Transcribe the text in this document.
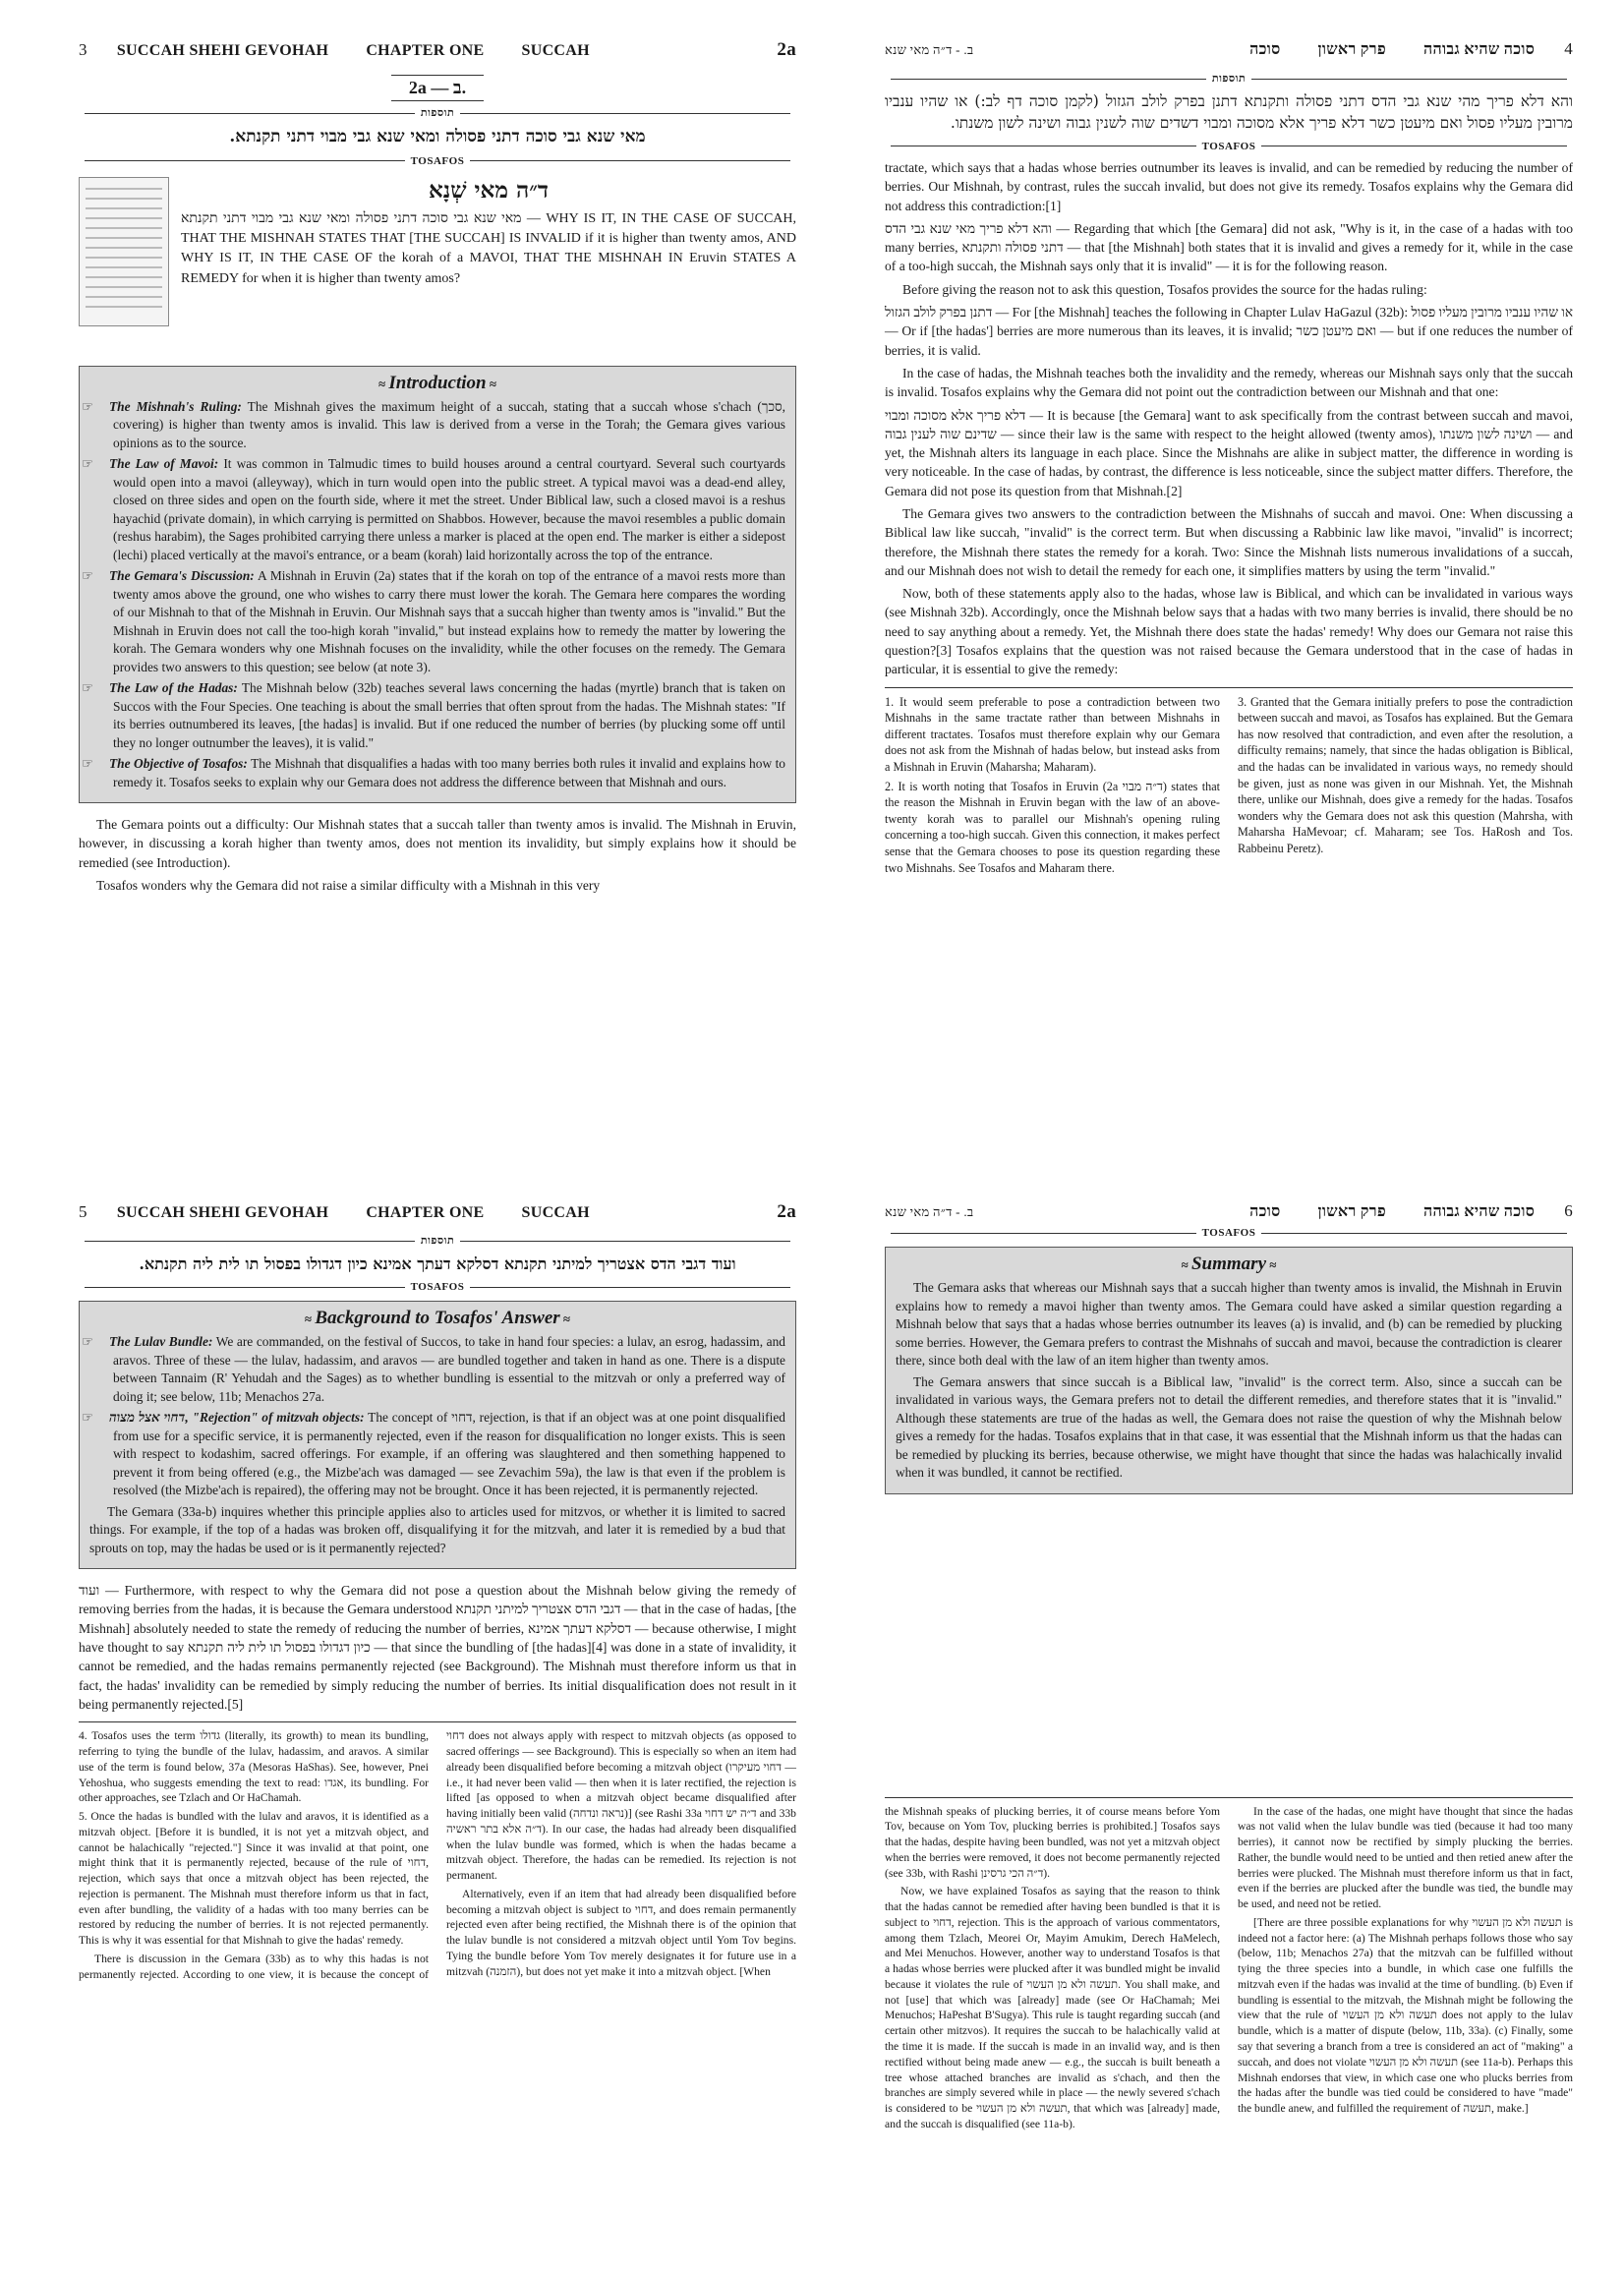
3 SUCCAH SHEHI GEVOHAH CHAPTER ONE SUCCAH	2a
2a — ב.
תוספות
מאי שנא גבי סוכה דתני פסולה ומאי שנא גבי מבוי דתני תקנתא.
TOSAFOS
ד״ה מאי שְׁנָא
מאי שנא גבי סוכה דתני פסולה ומאי שנא גבי מבוי דתני תקנתא — WHY IS IT, IN THE CASE OF SUCCAH, THAT THE MISHNAH STATES THAT [THE SUCCAH] IS INVALID if it is higher than twenty amos, AND WHY IS IT, IN THE CASE OF the korah of a MAVOI, THAT THE MISHNAH IN Eruvin STATES A REMEDY for when it is higher than twenty amos?
≈ Introduction ≈

☞ The Mishnah's Ruling: The Mishnah gives the maximum height of a succah, stating that a succah whose s'chach (סכך, covering) is higher than twenty amos is invalid. This law is derived from a verse in the Torah; the Gemara gives various opinions as to the source.

☞ The Law of Mavoi: It was common in Talmudic times to build houses around a central courtyard. Several such courtyards would open into a mavoi (alleyway), which in turn would open into the public street. A typical mavoi was a dead-end alley, closed on three sides and open on the fourth side, where it met the street. Under Biblical law, such a closed mavoi is a reshus hayachid (private domain), in which carrying is permitted on Shabbos. However, because the mavoi resembles a public domain (reshus harabim), the Sages prohibited carrying there unless a marker is placed at the open end. The marker is either a sidepost (lechi) placed vertically at the mavoi's entrance, or a beam (korah) laid horizontally across the top of the entrance.

☞ The Gemara's Discussion: A Mishnah in Eruvin (2a) states that if the korah on top of the entrance of a mavoi rests more than twenty amos above the ground, one who wishes to carry there must lower the korah. The Gemara here compares the wording of our Mishnah to that of the Mishnah in Eruvin. Our Mishnah says that a succah higher than twenty amos is "invalid." But the Mishnah in Eruvin does not call the too-high korah "invalid," but instead explains how to remedy the matter by lowering the korah. The Gemara wonders why one Mishnah focuses on the invalidity, while the other focuses on the remedy. The Gemara provides two answers to this question; see below (at note 3).

☞ The Law of the Hadas: The Mishnah below (32b) teaches several laws concerning the hadas (myrtle) branch that is taken on Succos with the Four Species. One teaching is about the small berries that often sprout from the hadas. The Mishnah states: "If its berries outnumbered its leaves, [the hadas] is invalid. But if one reduced the number of berries (by plucking some off until they no longer outnumber the leaves), it is valid."

☞ The Objective of Tosafos: The Mishnah that disqualifies a hadas with too many berries both rules it invalid and explains how to remedy it. Tosafos seeks to explain why our Gemara does not address the difference between that Mishnah and ours.

The Gemara points out a difficulty: Our Mishnah states that a succah taller than twenty amos is invalid. The Mishnah in Eruvin, however, in discussing a korah higher than twenty amos, does not mention its invalidity, but simply explains how it should be remedied (see Introduction).

Tosafos wonders why the Gemara did not raise a similar difficulty with a Mishnah in this very

4
סוכה שהיא גבוהה
פרק ראשון
סוכה
ב. - ד״ה מאי שנא
תוספות
והא דלא פריך מהי שנא גבי הדס דתני פסולה ותקנתא דתנן בפרק לולב הגזול (לקמן סוכה דף לב:) או שהיו ענביו מרובין מעליו פסול ואם מיעטן כשר דלא פריך אלא מסוכה ומבוי דשדים שוה לשנין גבוה ושינה לשון משנתו.
TOSAFOS

tractate, which says that a hadas whose berries outnumber its leaves is invalid, and can be remedied by reducing the number of berries. Our Mishnah, by contrast, rules the succah invalid, but does not give its remedy. Tosafos explains why the Gemara did not address this contradiction:[1]

והא דלא פריך מאי שנא גבי הדס — Regarding that which [the Gemara] did not ask, "Why is it, in the case of a hadas with too many berries, דתני פסולה ותקנתא — that [the Mishnah] both states that it is invalid and gives a remedy for it, while in the case of a too-high succah, the Mishnah says only that it is invalid" — it is for the following reason.

Before giving the reason not to ask this question, Tosafos provides the source for the hadas ruling:

דתנן בפרק לולב הגזול — For [the Mishnah] teaches the following in Chapter Lulav HaGazul (32b): או שהיו ענביו מרובין מעליו פסול — Or if [the hadas'] berries are more numerous than its leaves, it is invalid; ואם מיעטן כשר — but if one reduces the number of berries, it is valid.

In the case of hadas, the Mishnah teaches both the invalidity and the remedy, whereas our Mishnah says only that the succah is invalid. Tosafos explains why the Gemara did not point out the contradiction between our Mishnah and that one:

דלא פריך אלא מסוכה ומבוי — It is because [the Gemara] want to ask specifically from the contrast between succah and mavoi, שדינם שוה לענין גבוה — since their law is the same with respect to the height allowed (twenty amos), ושינה לשון משנתו — and yet, the Mishnah alters its language in each place. Since the Mishnahs are alike in subject matter, the difference in wording is very noticeable. In the case of hadas, by contrast, the difference is less noticeable, since the subject matter differs. Therefore, the Gemara did not pose its question from that Mishnah.[2]

The Gemara gives two answers to the contradiction between the Mishnahs of succah and mavoi. One: When discussing a Biblical law like succah, "invalid" is the correct term. But when discussing a Rabbinic law like mavoi, "invalid" is incorrect; therefore, the Mishnah there states the remedy for a korah. Two: Since the Mishnah lists numerous invalidations of a succah, and our Mishnah does not wish to detail the remedy for each one, it simplifies matters by using the term "invalid."

Now, both of these statements apply also to the hadas, whose law is Biblical, and which can be invalidated in various ways (see Mishnah 32b). Accordingly, once the Mishnah below says that a hadas with two many berries is invalid, there should be no need to say anything about a remedy. Yet, the Mishnah there does state the hadas' remedy! Why does our Gemara not raise this question?[3] Tosafos explains that the question was not raised because the Gemara understood that in the case of hadas in particular, it is essential to give the remedy:

1. It would seem preferable to pose a contradiction between two Mishnahs in the same tractate rather than between Mishnahs in different tractates. Tosafos must therefore explain why our Gemara does not ask from the Mishnah of hadas below, but instead asks from a Mishnah in Eruvin (Maharsha; Maharam).

2. It is worth noting that Tosafos in Eruvin (2a ד״ה מבוי) states that the reason the Mishnah in Eruvin began with the law of an above-twenty korah was to parallel our Mishnah's opening ruling concerning a too-high succah. Given this connection, it makes perfect sense that the Gemara chooses to pose its question regarding these two Mishnahs. See Tosafos and Maharam there.

3. Granted that the Gemara initially prefers to pose the contradiction between succah and mavoi, as Tosafos has explained. But the Gemara has now resolved that contradiction, and even after the resolution, a difficulty remains; namely, that since the hadas obligation is Biblical, and the hadas can be invalidated in various ways, no remedy should be given, just as none was given in our Mishnah. Yet, the Mishnah there, unlike our Mishnah, does give a remedy for the hadas. Tosafos wonders why the Gemara does not ask this question (Mahrsha, with Maharsha HaMevoar; cf. Maharam; see Tos. HaRosh and Tos. Rabbeinu Peretz).

5 SUCCAH SHEHI GEVOHAH CHAPTER ONE SUCCAH	2a
תוספות
ועוד דגבי הדס אצטריך למיתני תקנתא דסלקא דעתך אמינא כיון דגדולו בפסול תו לית ליה תקנתא.
TOSAFOS
≈ Background to Tosafos' Answer ≈

☞ The Lulav Bundle: We are commanded, on the festival of Succos, to take in hand four species: a lulav, an esrog, hadassim, and aravos. Three of these — the lulav, hadassim, and aravos — are bundled together and taken in hand as one. There is a dispute between Tannaim (R' Yehudah and the Sages) as to whether bundling is essential to the mitzvah or only a preferred way of doing it; see below, 11b; Menachos 27a.

☞ דחוי אצל מצוה, "Rejection" of mitzvah objects: The concept of דחוי, rejection, is that if an object was at one point disqualified from use for a specific service, it is permanently rejected, even if the reason for disqualification no longer exists. This is seen with respect to kodashim, sacred offerings. For example, if an offering was slaughtered and then something happened to prevent it from being offered (e.g., the Mizbe'ach was damaged — see Zevachim 59a), the law is that even if the problem is resolved (the Mizbe'ach is repaired), the offering may not be brought. Once it has been rejected, it is permanently rejected.

The Gemara (33a-b) inquires whether this principle applies also to articles used for mitzvos, or whether it is limited to sacred things. For example, if the top of a hadas was broken off, disqualifying it for the mitzvah, and later it is remedied by a bud that sprouts on top, may the hadas be used or is it permanently rejected?

ועוד — Furthermore, with respect to why the Gemara did not pose a question about the Mishnah below giving the remedy of removing berries from the hadas, it is because the Gemara understood דגבי הדס אצטריך למיתני תקנתא — that in the case of hadas, [the Mishnah] absolutely needed to state the remedy of reducing the number of berries, דסלקא דעתך אמינא — because otherwise, I might have thought to say כיון דגדולו בפסול תו לית ליה תקנתא — that since the bundling of [the hadas][4] was done in a state of invalidity, it cannot be remedied, and the hadas remains permanently rejected (see Background). The Mishnah must therefore inform us that in fact, the hadas' invalidity can be remedied by simply reducing the number of berries. Its initial disqualification does not result in it being permanently rejected.[5]

4. Tosafos uses the term גדולו (literally, its growth) to mean its bundling, referring to tying the bundle of the lulav, hadassim, and aravos. A similar use of the term is found below, 37a (Mesoras HaShas). See, however, Pnei Yehoshua, who suggests emending the text to read: אגדו, its bundling. For other approaches, see Tzlach and Or HaChamah.

5. Once the hadas is bundled with the lulav and aravos, it is identified as a mitzvah object. [Before it is bundled, it is not yet a mitzvah object, and cannot be halachically "rejected."] Since it was invalid at that point, one might think that it is permanently rejected, because of the rule of דחוי, rejection, which says that once a mitzvah object has been rejected, the rejection is permanent. The Mishnah must therefore inform us that in fact, even after bundling, the validity of a hadas with too many berries can be restored by reducing the number of berries. It is not rejected permanently. This is why it was essential for that Mishnah to give the hadas' remedy.

There is discussion in the Gemara (33b) as to why this hadas is not permanently rejected. According to one view, it is because the concept of דחוי does not always apply with respect to mitzvah objects (as opposed to sacred offerings — see Background). This is especially so when an item had already been disqualified before becoming a mitzvah object (דחוי מעיקרו — i.e., it had never been valid — then when it is later rectified, the rejection is lifted [as opposed to when a mitzvah object became disqualified after having initially been valid (נראה ונדחה)] (see Rashi 33a ד״ה יש דחוי and 33b ד״ה אלא בתר ראשיה). In our case, the hadas had already been disqualified when the lulav bundle was formed, which is when the hadas became a mitzvah object. Therefore, the hadas can be remedied. Its rejection is not permanent.

Alternatively, even if an item that had already been disqualified before becoming a mitzvah object is subject to דחוי, and does remain permanently rejected even after being rectified, the Mishnah there is of the opinion that the lulav bundle is not considered a mitzvah object until Yom Tov begins. Tying the bundle before Yom Tov merely designates it for future use in a mitzvah (הזמנה), but does not yet make it into a mitzvah object. [When

6
סוכה שהיא גבוהה
פרק ראשון
סוכה
ב. - ד״ה מאי שנא
TOSAFOS
≈ Summary ≈

The Gemara asks that whereas our Mishnah says that a succah higher than twenty amos is invalid, the Mishnah in Eruvin explains how to remedy a mavoi higher than twenty amos. The Gemara could have asked a similar question regarding a Mishnah below that says that a hadas whose berries outnumber its leaves (a) is invalid, and (b) can be remedied by plucking some berries. However, the Gemara prefers to contrast the Mishnahs of succah and mavoi, because the contradiction is clearer there, since both deal with the law of an item higher than twenty amos.

The Gemara answers that since succah is a Biblical law, "invalid" is the correct term. Also, since a succah can be invalidated in various ways, the Gemara prefers not to detail the different remedies, and therefore states that it is "invalid." Although these statements are true of the hadas as well, the Gemara does not raise the question of why the Mishnah below gives a remedy for the hadas. Tosafos explains that in that case, it was essential that the Mishnah inform us that the hadas can be remedied by plucking its berries, because otherwise, we might have thought that since the hadas was halachically invalid when it was bundled, it cannot be rectified.

the Mishnah speaks of plucking berries, it of course means before Yom Tov, because on Yom Tov, plucking berries is prohibited.] Tosafos says that the hadas, despite having been bundled, was not yet a mitzvah object when the berries were removed, it does not become permanently rejected (see 33b, with Rashi ד״ה הכי גרסינן).

Now, we have explained Tosafos as saying that the reason to think that the hadas cannot be remedied after having been bundled is that it is subject to דחוי, rejection. This is the approach of various commentators, among them Tzlach, Meorei Or, Mayim Amukim, Derech HaMelech, and Mei Menuchos. However, another way to understand Tosafos is that a hadas whose berries were plucked after it was bundled might be invalid because it violates the rule of תעשה ולא מן העשוי. You shall make, and not [use] that which was [already] made (see Or HaChamah; Mei Menuchos; HaPeshat B'Sugya). This rule is taught regarding succah (and certain other mitzvos). It requires the succah to be halachically valid at the time it is made. If the succah is made in an invalid way, and is then rectified without being made anew — e.g., the succah is built beneath a tree whose attached branches are invalid as s'chach, and then the branches are simply severed while in place — the newly severed s'chach is considered to be תעשה ולא מן העשוי, that which was [already] made, and the succah is disqualified (see 11a-b).

In the case of the hadas, one might have thought that since the hadas was not valid when the lulav bundle was tied (because it had too many berries), it cannot now be rectified by simply plucking the berries. Rather, the bundle would need to be untied and then retied anew after the berries were plucked. The Mishnah must therefore inform us that in fact, even if the berries are plucked after the bundle was tied, the bundle may be used, and need not be retied.

[There are three possible explanations for why תעשה ולא מן העשוי is indeed not a factor here: (a) The Mishnah perhaps follows those who say (below, 11b; Menachos 27a) that the mitzvah can be fulfilled without tying the three species into a bundle, in which case one fulfills the mitzvah even if the hadas was invalid at the time of bundling. (b) Even if bundling is essential to the mitzvah, the Mishnah might be following the view that the rule of תעשה ולא מן העשוי does not apply to the lulav bundle, which is a matter of dispute (below, 11b, 33a). (c) Finally, some say that severing a branch from a tree is considered an act of "making" a succah, and does not violate תעשה ולא מן העשוי (see 11a-b). Perhaps this Mishnah endorses that view, in which case one who plucks berries from the hadas after the bundle was tied could be considered to have "made" the bundle anew, and fulfilled the requirement of תעשה, make.]
